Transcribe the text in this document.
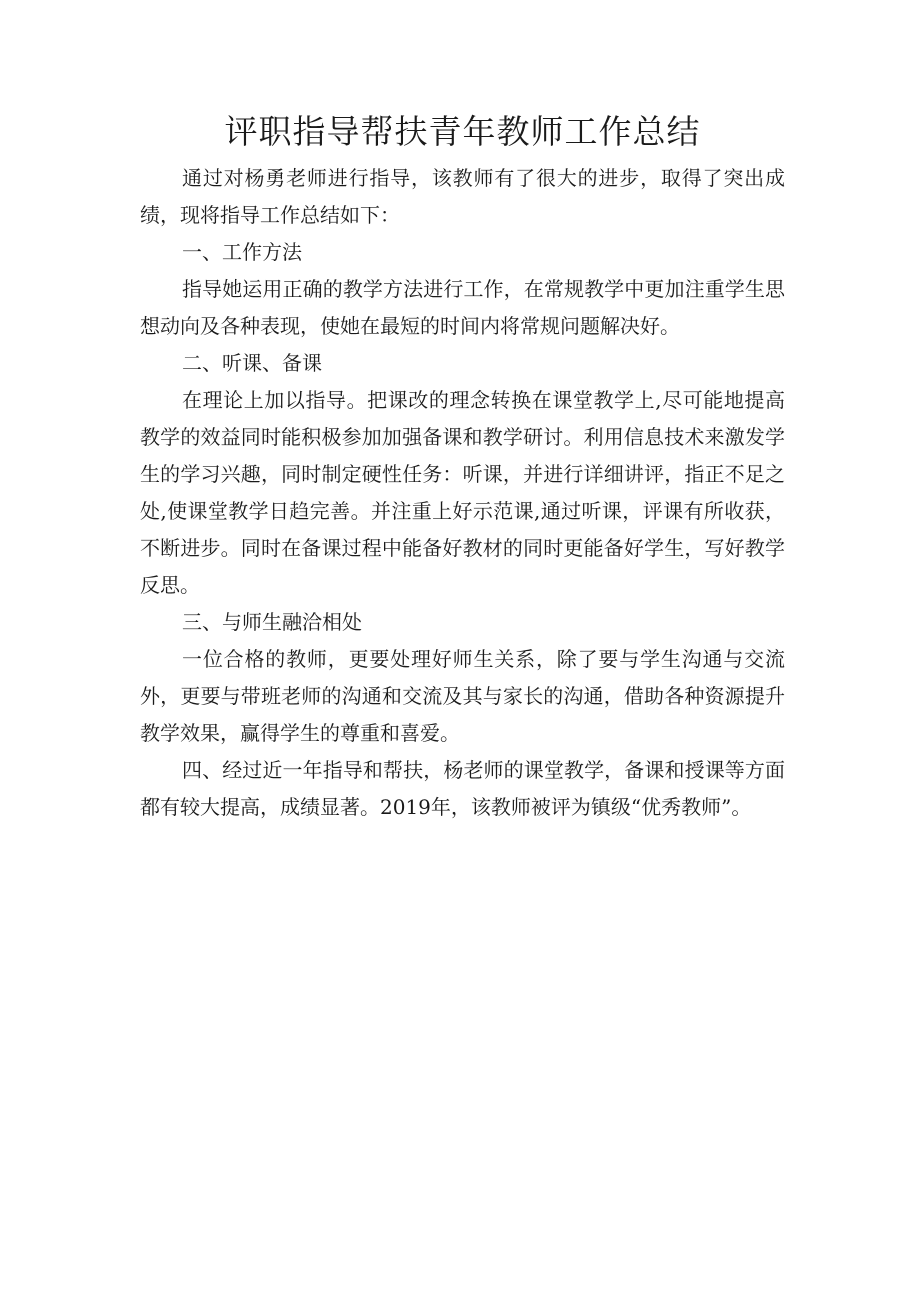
评职指导帮扶青年教师工作总结

通过对杨勇老师进行指导，该教师有了很大的进步，取得了突出成绩，现将指导工作总结如下：

一、工作方法

指导她运用正确的教学方法进行工作，在常规教学中更加注重学生思想动向及各种表现，使她在最短的时间内将常规问题解决好。

二、听课、备课

在理论上加以指导。把课改的理念转换在课堂教学上,尽可能地提高教学的效益同时能积极参加加强备课和教学研讨。利用信息技术来激发学生的学习兴趣，同时制定硬性任务：听课，并进行详细讲评，指正不足之处,使课堂教学日趋完善。并注重上好示范课,通过听课，评课有所收获，不断进步。同时在备课过程中能备好教材的同时更能备好学生，写好教学反思。

三、与师生融洽相处

一位合格的教师，更要处理好师生关系，除了要与学生沟通与交流外，更要与带班老师的沟通和交流及其与家长的沟通，借助各种资源提升教学效果，赢得学生的尊重和喜爱。

四、经过近一年指导和帮扶，杨老师的课堂教学，备课和授课等方面都有较大提高，成绩显著。2019年，该教师被评为镇级“优秀教师”。
